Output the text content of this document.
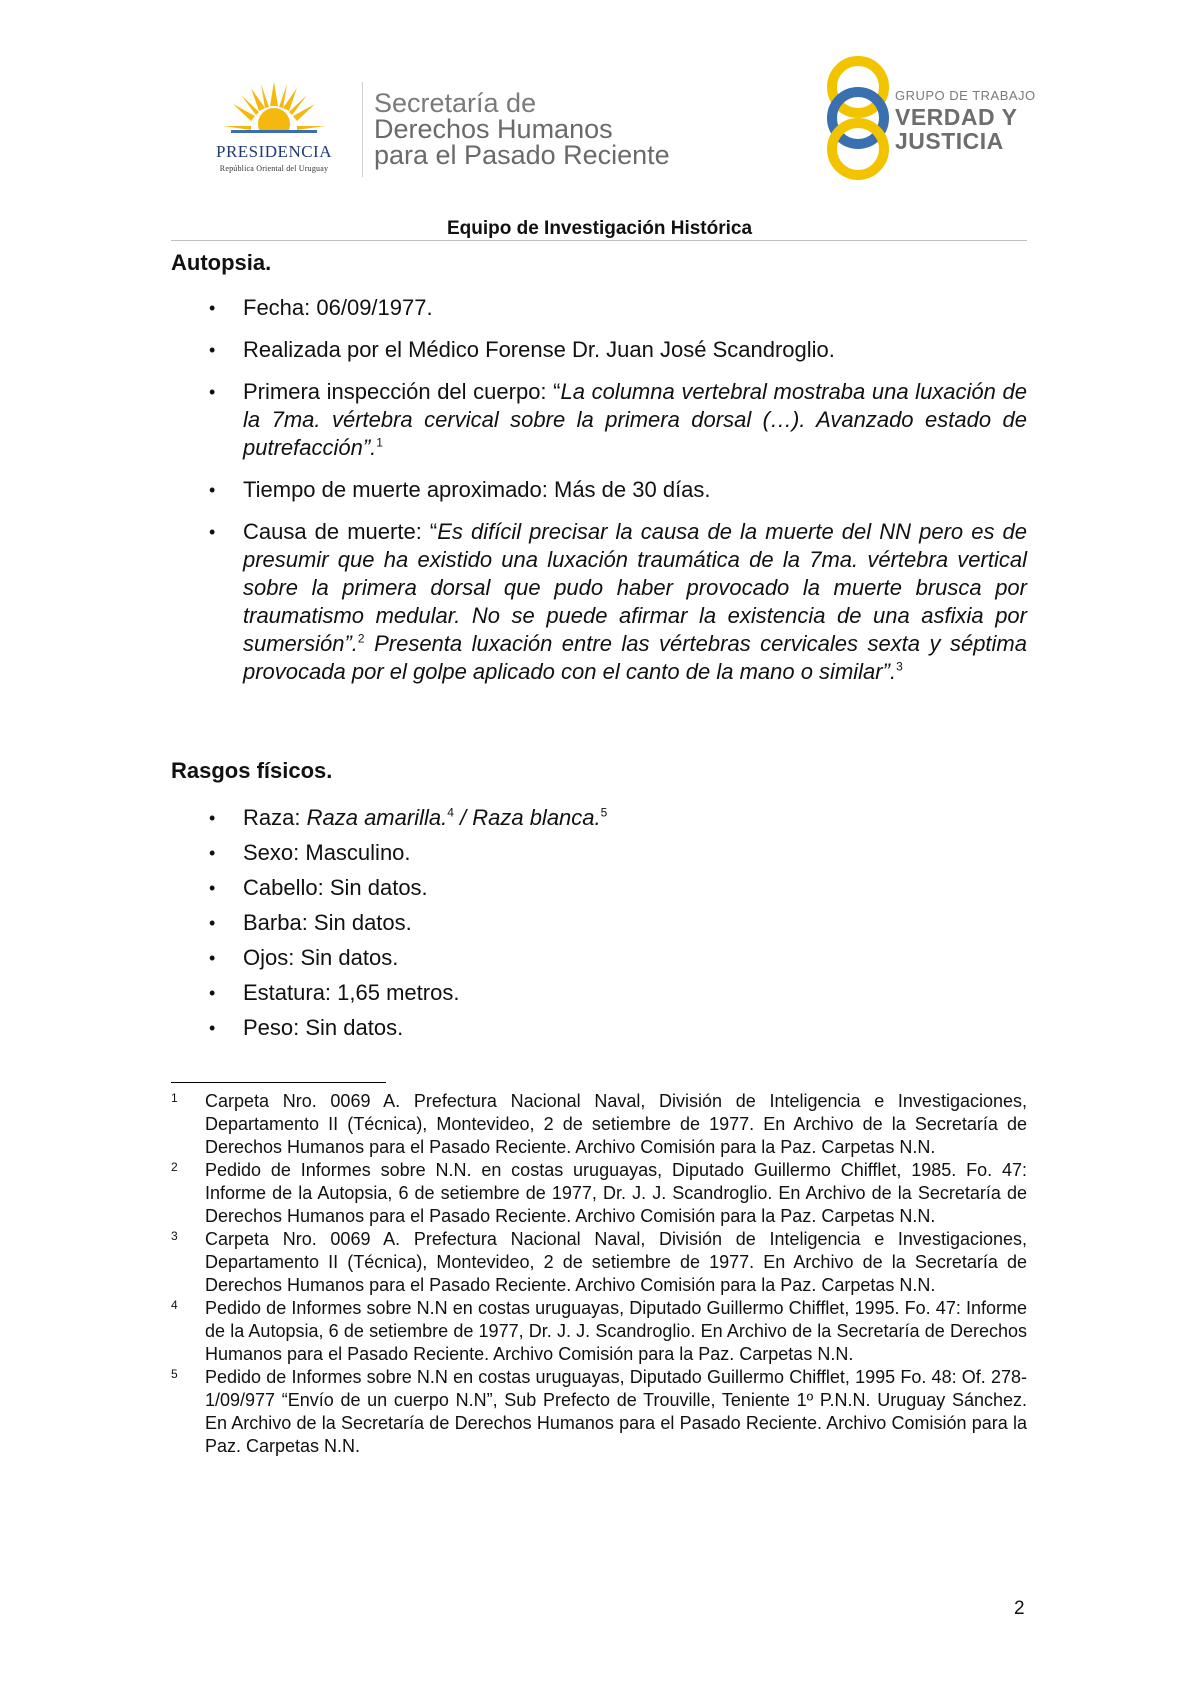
PRESIDENCIA
República Oriental del Uruguay
Secretaría de
Derechos Humanos
para el Pasado Reciente
GRUPO DE TRABAJO
VERDAD Y
JUSTICIA
Equipo de Investigación Histórica
Autopsia.
• Fecha: 06/09/1977.
• Realizada por el Médico Forense Dr. Juan José Scandroglio.
• Primera inspección del cuerpo: “La columna vertebral mostraba una luxación de la 7ma. vértebra cervical sobre la primera dorsal (…). Avanzado estado de putrefacción”.$^1$
• Tiempo de muerte aproximado: Más de 30 días.
• Causa de muerte: “Es difícil precisar la causa de la muerte del NN pero es de presumir que ha existido una luxación traumática de la 7ma. vértebra vertical sobre la primera dorsal que pudo haber provocado la muerte brusca por traumatismo medular. No se puede afirmar la existencia de una asfixia por sumersión”.$^2$ Presenta luxación entre las vértebras cervicales sexta y séptima provocada por el golpe aplicado con el canto de la mano o similar”.$^3$
Rasgos físicos.
• Raza: Raza amarilla.$^4$ / Raza blanca.$^5$
• Sexo: Masculino.
• Cabello: Sin datos.
• Barba: Sin datos.
• Ojos: Sin datos.
• Estatura: 1,65 metros.
• Peso: Sin datos.
1 Carpeta Nro. 0069 A. Prefectura Nacional Naval, División de Inteligencia e Investigaciones, Departamento II (Técnica), Montevideo, 2 de setiembre de 1977. En Archivo de la Secretaría de Derechos Humanos para el Pasado Reciente. Archivo Comisión para la Paz. Carpetas N.N.
2 Pedido de Informes sobre N.N. en costas uruguayas, Diputado Guillermo Chifflet, 1985. Fo. 47: Informe de la Autopsia, 6 de setiembre de 1977, Dr. J. J. Scandroglio. En Archivo de la Secretaría de Derechos Humanos para el Pasado Reciente. Archivo Comisión para la Paz. Carpetas N.N.
3 Carpeta Nro. 0069 A. Prefectura Nacional Naval, División de Inteligencia e Investigaciones, Departamento II (Técnica), Montevideo, 2 de setiembre de 1977. En Archivo de la Secretaría de Derechos Humanos para el Pasado Reciente. Archivo Comisión para la Paz. Carpetas N.N.
4 Pedido de Informes sobre N.N en costas uruguayas, Diputado Guillermo Chifflet, 1995. Fo. 47: Informe de la Autopsia, 6 de setiembre de 1977, Dr. J. J. Scandroglio. En Archivo de la Secretaría de Derechos Humanos para el Pasado Reciente. Archivo Comisión para la Paz. Carpetas N.N.
5 Pedido de Informes sobre N.N en costas uruguayas, Diputado Guillermo Chifflet, 1995 Fo. 48: Of. 278-1/09/977 “Envío de un cuerpo N.N”, Sub Prefecto de Trouville, Teniente 1º P.N.N. Uruguay Sánchez. En Archivo de la Secretaría de Derechos Humanos para el Pasado Reciente. Archivo Comisión para la Paz. Carpetas N.N.
2
